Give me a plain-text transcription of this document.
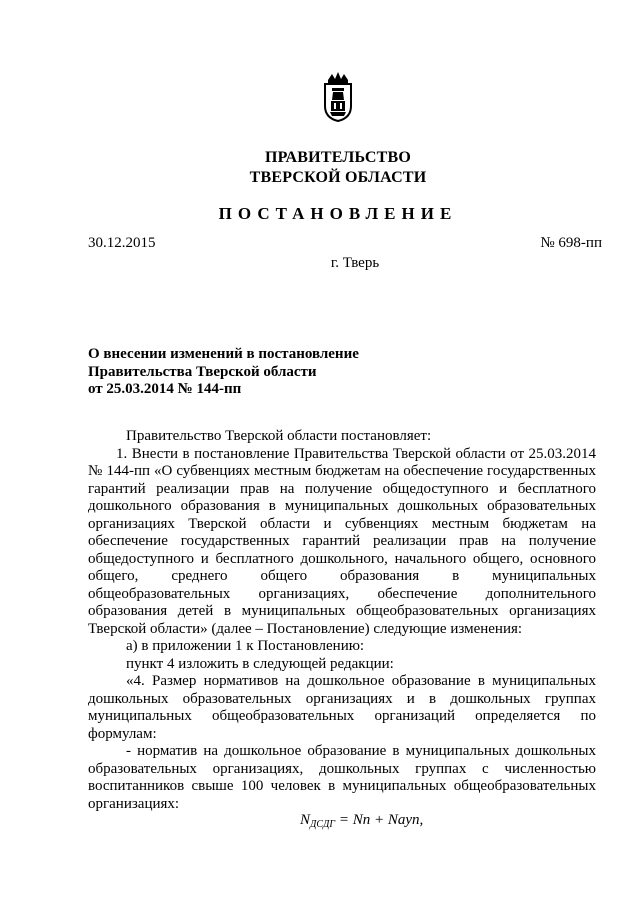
ПРАВИТЕЛЬСТВО
ТВЕРСКОЙ ОБЛАСТИ
ПОСТАНОВЛЕНИЕ
30.12.2015	№ 698-пп
г. Тверь
О внесении изменений в постановление
Правительства Тверской области
от 25.03.2014 № 144-пп

Правительство Тверской области постановляет:

1. Внести в постановление Правительства Тверской области от 25.03.2014 № 144-пп «О субвенциях местным бюджетам на обеспечение государственных гарантий реализации прав на получение общедоступного и бесплатного дошкольного образования в муниципальных дошкольных образовательных организациях Тверской области и субвенциях местным бюджетам на обеспечение государственных гарантий реализации прав на получение общедоступного и бесплатного дошкольного, начального общего, основного общего, среднего общего образования в муниципальных общеобразовательных организациях, обеспечение дополнительного образования детей в муниципальных общеобразовательных организациях Тверской области» (далее – Постановление) следующие изменения:

а) в приложении 1 к Постановлению:

пункт 4 изложить в следующей редакции:

«4. Размер нормативов на дошкольное образование в муниципальных дошкольных образовательных организациях и в дошкольных группах муниципальных общеобразовательных организаций определяется по формулам:

- норматив на дошкольное образование в муниципальных дошкольных образовательных организациях, дошкольных группах с численностью воспитанников свыше 100 человек в муниципальных общеобразовательных организациях:

$N_{ДСДГ} = Nn$ + Nayn,
